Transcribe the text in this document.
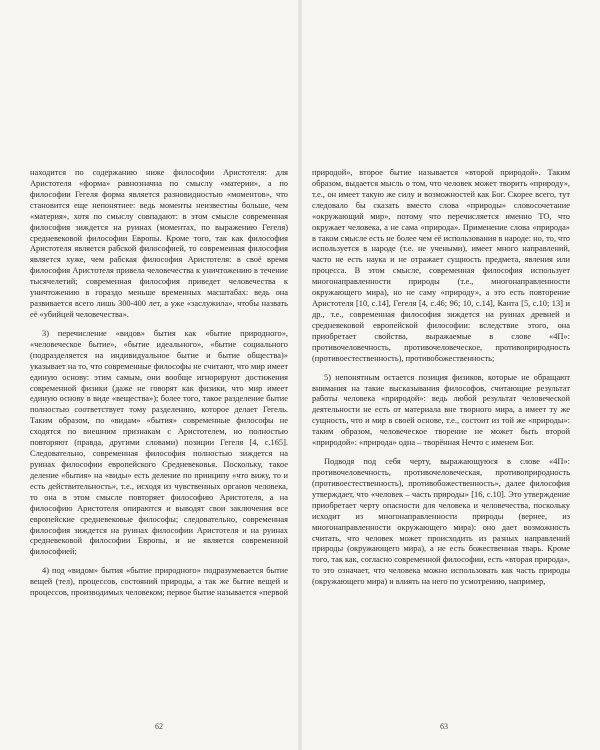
находится по содержанию ниже философии Аристотеля: для Аристотеля «форма» равнозначна по смыслу «материи», а по философии Гегеля форма является разновидностью «моментов», что становится еще непонятнее: ведь моменты неизвестны больше, чем «материя», хотя по смыслу совпадают: в этом смысле современная философия зиждется на руинах (моментах, по выражению Гегеля) средневековой философии Европы. Кроме того, так как философия Аристотеля является рабской философией, то современная философия является хуже, чем рабская философия Аристотеля: в своё время философия Аристотеля привела человечества к уничтожению в течение тысячелетий; современная философия приведет человечества к уничтожению в гораздо меньше временных масштабах: ведь она развивается всего лишь 300-400 лет, а уже «заслужила», чтобы назвать её «убийцей человечества».

3) перечисление «видов» бытия как «бытие природного», «человеческое бытие», «бытие идеального», «бытие социального (подразделяется на индивидуальное бытие и бытие общества)» указывает на то, что современные философы не считают, что мир имеет единую основу: этим самым, они вообще игнорируют достижения современной физики (даже не говорят как физики, что мир имеет единую основу в виде «вещества»); более того, такое разделение бытие полностью соответствует тому разделению, которое делает Гегель. Таким образом, по «видам» «бытия» современные философы не сходятся по внешним признакам с Аристотелем, но полностью повторяют (правда, другими словами) позиции Гегеля [4, с.165]. Следовательно, современная философия полностью зиждется на руинах философии европейского Средневековья. Поскольку, такое деление «бытия» на «виды» есть деление по принципу «что вижу, то и есть действительность», т.е., исходя из чувственных органов человека, то она в этом смысле повторяет философию Аристотеля, а на философию Аристотеля опираются и выводят свои заключения все европейские средневековые философы; следовательно, современная философия зиждется на руинах философии Аристотеля и на руинах средневековой философии Европы, и не является современной философией;

4) под «видом» бытия «бытие природного» подразумевается бытие вещей (тел), процессов, состояний природы, а так же бытие вещей и процессов, производимых человеком; первое бытие называется «первой

62

природой», второе бытие называется «второй природой». Таким образом, выдается мысль о том, что человек может творить «природу», т.е., он имеет такую же силу и возможностей как Бог. Скорее всего, тут следовало бы сказать вместо слова «природы» словосочетание «окружающий мир», потому что перечисляется именно ТО, что окружает человека, а не сама «природа». Применение слова «природа» в таком смысле есть не более чем её использования в народе: но, то, что используется в народе (т.е. не учеными), имеет много направлений, часто не есть наука и не отражает сущность предмета, явления или процесса. В этом смысле, современная философия использует многонаправленности природы (т.е., многонаправленности окружающего мира), но не саму «природу», а это есть повторение Аристотеля [10, с.14], Гегеля [4, с.46; 96; 10, с.14], Канта [5, с.10; 13] и др., т.е., современная философия зиждется на руинах древней и средневековой европейской философии: вследствие этого, она приобретает свойства, выражаемые в слове «4П»: противочеловечность, противочеловеческое, противоприродность (противоестественность), противобожественность;

5) непонятным остается позиция физиков, которые не обращают внимания на такие высказывания философов, считающие результат работы человека «природой»: ведь любой результат человеческой деятельности не есть от материала вне творного мира, а имеет ту же сущность, что и мир в своей основе, т.е., состоит из той же «природы»: таким образом, человеческое творение не может быть второй «природой»: «природа» одна – творённая Нечто с именем Бог.

Подводя под себя черту, выражающуюся в слове «4П»: противочеловечность, противочеловеческая, противоприродность (противоестественность), противобожественность», далее философия утверждает, что «человек – часть природы» [16, с.10]. Это утверждение приобретает черту опасности для человека и человечества, поскольку исходит из многонаправленности природы (вернее, из многонаправленности окружающего мира): оно дает возможность считать, что человек может происходить из разных направлений природы (окружающего мира), а не есть божественная тварь. Кроме того, так как, согласно современной философии, есть «вторая природа», то это означает, что человека можно использовать как часть природы (окружающего мира) и влиять на него по усмотрению, например,

63
